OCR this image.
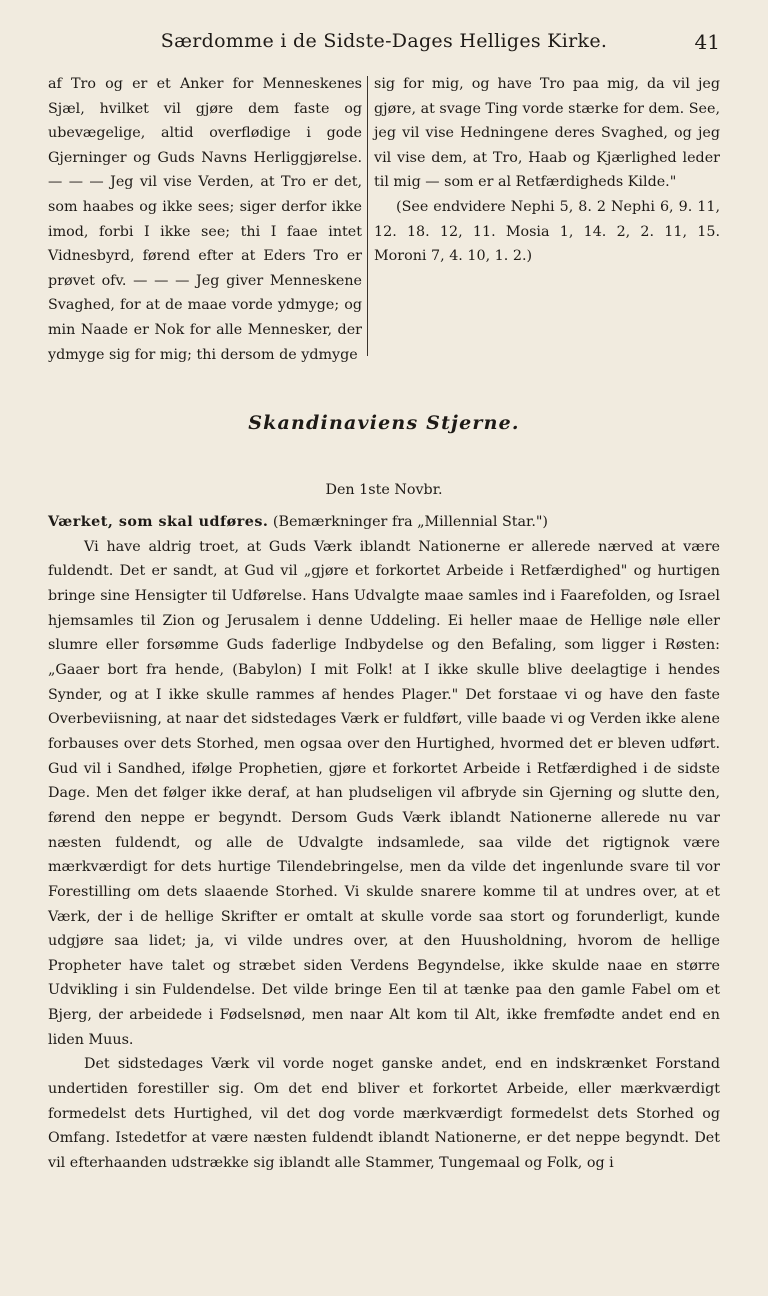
Særdomme i de Sidste-Dages Helliges Kirke.	41

af Tro og er et Anker for Menneskenes Sjæl, hvilket vil gjøre dem faste og ubevægelige, altid overflødige i gode Gjerninger og Guds Navns Herliggjørelse. — — — Jeg vil vise Verden, at Tro er det, som haabes og ikke sees; siger derfor ikke imod, forbi I ikke see; thi I faae intet Vidnesbyrd, førend efter at Eders Tro er prøvet ofv. — — — Jeg giver Menneskene Svaghed, for at de maae vorde ydmyge; og min Naade er Nok for alle Mennesker, der ydmyge sig for mig; thi dersom de ydmyge

sig for mig, og have Tro paa mig, da vil jeg gjøre, at svage Ting vorde stærke for dem. See, jeg vil vise Hedningene deres Svaghed, og jeg vil vise dem, at Tro, Haab og Kjærlighed leder til mig — som er al Retfærdigheds Kilde."

(See endvidere Nephi 5, 8. 2 Nephi 6, 9. 11, 12. 18. 12, 11. Mosia 1, 14. 2, 2. 11, 15. Moroni 7, 4. 10, 1. 2.)

Skandinaviens Stjerne.
Den 1ste Novbr.

Værket, som skal udføres. (Bemærkninger fra „Millennial Star.")

Vi have aldrig troet, at Guds Værk iblandt Nationerne er allerede nærved at være fuldendt. Det er sandt, at Gud vil „gjøre et forkortet Arbeide i Retfærdighed" og hurtigen bringe sine Hensigter til Udførelse. Hans Udvalgte maae samles ind i Faarefolden, og Israel hjemsamles til Zion og Jerusalem i denne Uddeling. Ei heller maae de Hellige nøle eller slumre eller forsømme Guds faderlige Indbydelse og den Befaling, som ligger i Røsten: „Gaaer bort fra hende, (Babylon) I mit Folk! at I ikke skulle blive deelagtige i hendes Synder, og at I ikke skulle rammes af hendes Plager." Det forstaae vi og have den faste Overbeviisning, at naar det sidstedages Værk er fuldført, ville baade vi og Verden ikke alene forbauses over dets Storhed, men ogsaa over den Hurtighed, hvormed det er bleven udført. Gud vil i Sandhed, ifølge Prophetien, gjøre et forkortet Arbeide i Retfærdighed i de sidste Dage. Men det følger ikke deraf, at han pludseligen vil afbryde sin Gjerning og slutte den, førend den neppe er begyndt. Dersom Guds Værk iblandt Nationerne allerede nu var næsten fuldendt, og alle de Udvalgte indsamlede, saa vilde det rigtignok være mærkværdigt for dets hurtige Tilendebringelse, men da vilde det ingenlunde svare til vor Forestilling om dets slaaende Storhed. Vi skulde snarere komme til at undres over, at et Værk, der i de hellige Skrifter er omtalt at skulle vorde saa stort og forunderligt, kunde udgjøre saa lidet; ja, vi vilde undres over, at den Huusholdning, hvorom de hellige Propheter have talet og stræbet siden Verdens Begyndelse, ikke skulde naae en større Udvikling i sin Fuldendelse. Det vilde bringe Een til at tænke paa den gamle Fabel om et Bjerg, der arbeidede i Fødselsnød, men naar Alt kom til Alt, ikke fremfødte andet end en liden Muus.

Det sidstedages Værk vil vorde noget ganske andet, end en indskrænket Forstand undertiden forestiller sig. Om det end bliver et forkortet Arbeide, eller mærkværdigt formedelst dets Hurtighed, vil det dog vorde mærkværdigt formedelst dets Storhed og Omfang. Istedetfor at være næsten fuldendt iblandt Nationerne, er det neppe begyndt. Det vil efterhaanden udstrække sig iblandt alle Stammer, Tungemaal og Folk, og i
